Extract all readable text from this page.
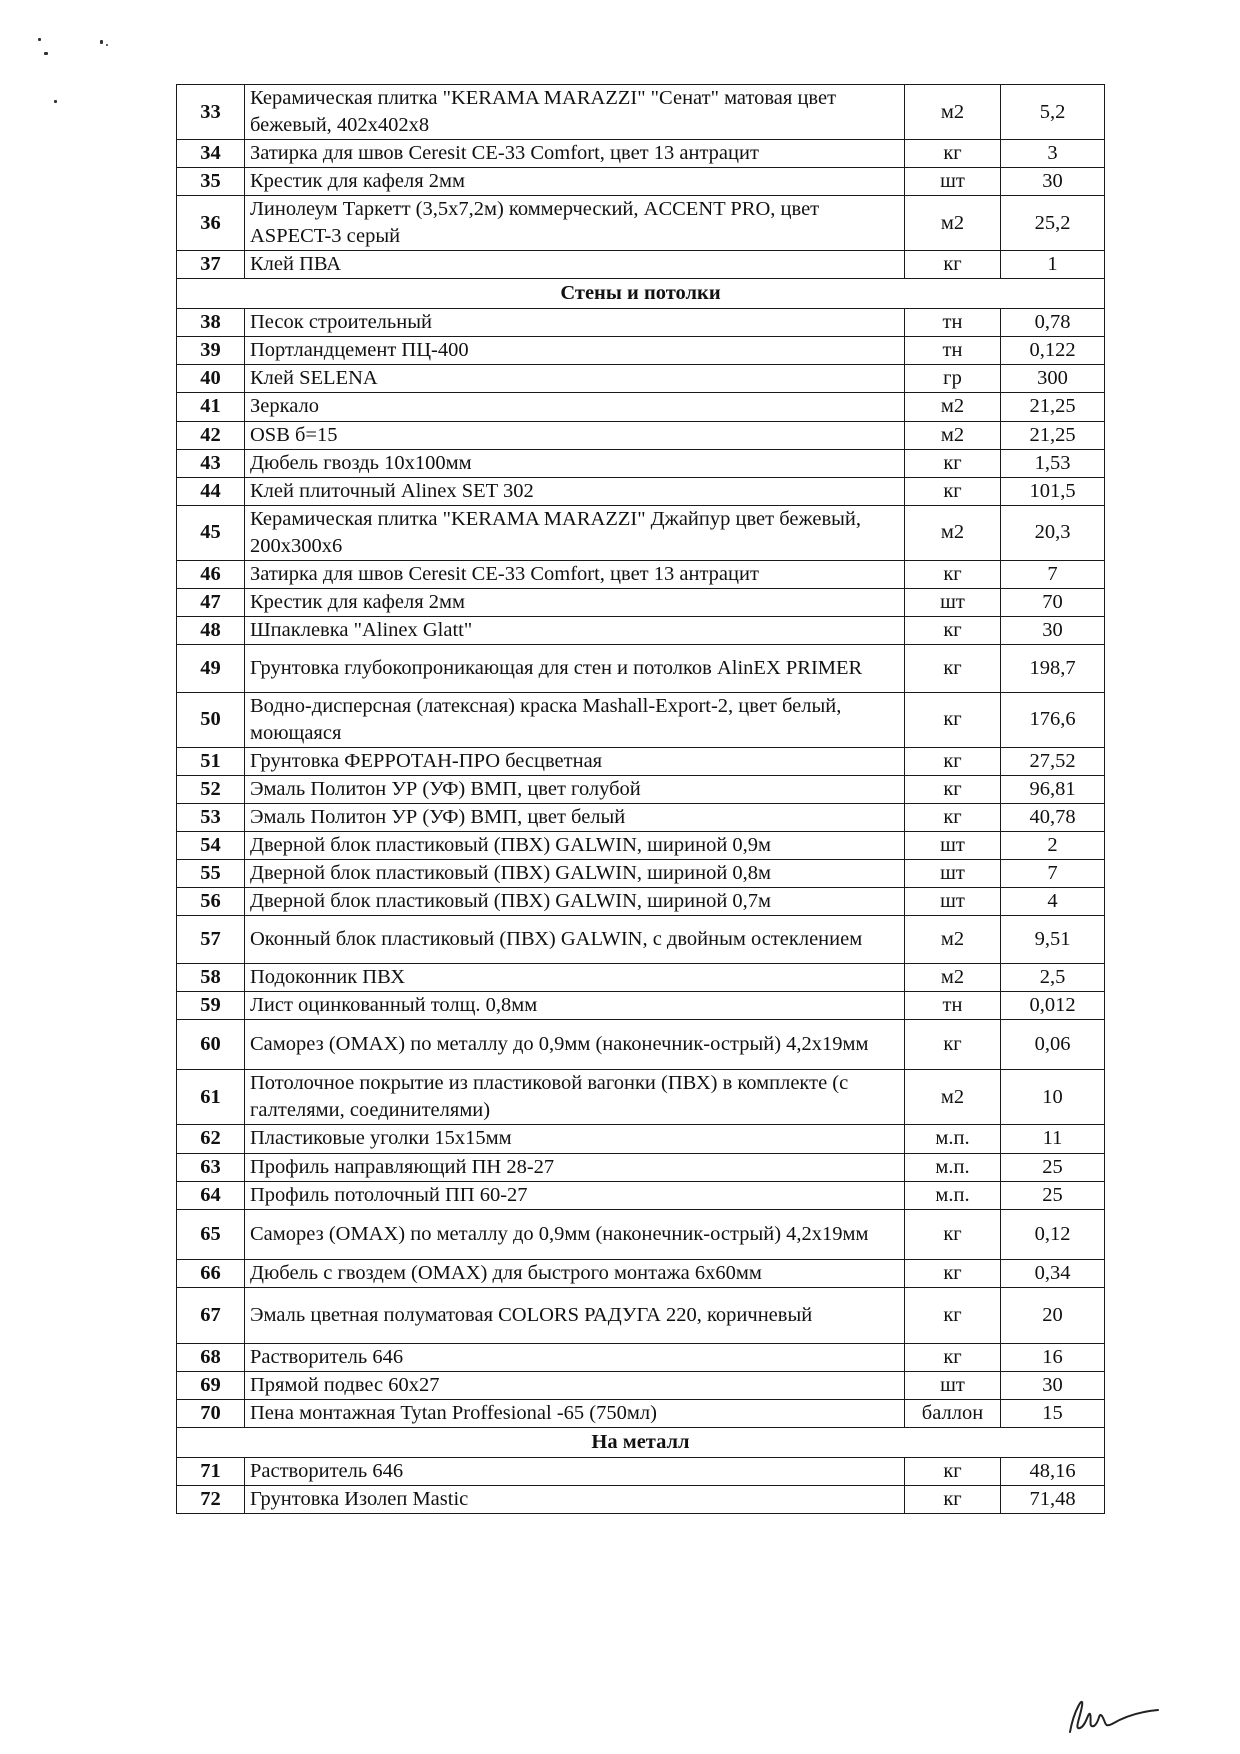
33	Керамическая плитка "KERAMA MARAZZI" "Сенат" матовая цвет бежевый, 402x402x8	м2	5,2
34	Затирка для швов Ceresit CE-33 Comfort, цвет 13 антрацит	кг	3
35	Крестик для кафеля 2мм	шт	30
36	Линолеум Таркетт (3,5x7,2м) коммерческий, ACCENT PRO, цвет ASPECT-3 серый	м2	25,2
37	Клей ПВА	кг	1
Стены и потолки			
38	Песок строительный	тн	0,78
39	Портландцемент ПЦ-400	тн	0,122
40	Клей SELENA	гр	300
41	Зеркало	м2	21,25
42	OSB б=15	м2	21,25
43	Дюбель гвоздь 10x100мм	кг	1,53
44	Клей плиточный Alinex SET 302	кг	101,5
45	Керамическая плитка "KERAMA MARAZZI" Джайпур цвет бежевый, 200x300x6	м2	20,3
46	Затирка для швов Ceresit CE-33 Comfort, цвет 13 антрацит	кг	7
47	Крестик для кафеля 2мм	шт	70
48	Шпаклевка "Alinex Glatt"	кг	30
49	Грунтовка глубокопроникающая для стен и потолков AlinEX PRIMER	кг	198,7
50	Водно-дисперсная (латексная) краска Mashall-Export-2, цвет белый, моющаяся	кг	176,6
51	Грунтовка ФЕРРОТАН-ПРО бесцветная	кг	27,52
52	Эмаль Политон УР (УФ) ВМП, цвет голубой	кг	96,81
53	Эмаль Политон УР (УФ) ВМП, цвет белый	кг	40,78
54	Дверной блок пластиковый (ПВХ) GALWIN, шириной 0,9м	шт	2
55	Дверной блок пластиковый (ПВХ) GALWIN, шириной 0,8м	шт	7
56	Дверной блок пластиковый (ПВХ) GALWIN, шириной 0,7м	шт	4
57	Оконный блок пластиковый (ПВХ) GALWIN, с двойным остеклением	м2	9,51
58	Подоконник ПВХ	м2	2,5
59	Лист оцинкованный толщ. 0,8мм	тн	0,012
60	Саморез (OMAX) по металлу до 0,9мм (наконечник-острый) 4,2x19мм	кг	0,06
61	Потолочное покрытие из пластиковой вагонки (ПВХ) в комплекте (с галтелями, соединителями)	м2	10
62	Пластиковые уголки 15x15мм	м.п.	11
63	Профиль направляющий ПН 28-27	м.п.	25
64	Профиль потолочный ПП 60-27	м.п.	25
65	Саморез (OMAX) по металлу до 0,9мм (наконечник-острый) 4,2x19мм	кг	0,12
66	Дюбель с гвоздем (OMAX) для быстрого монтажа 6x60мм	кг	0,34
67	Эмаль цветная полуматовая COLORS РАДУГА 220, коричневый	кг	20
68	Растворитель 646	кг	16
69	Прямой подвес 60x27	шт	30
70	Пена монтажная Tytan Proffesional -65 (750мл)	баллон	15
На металл			
71	Растворитель 646	кг	48,16
72	Грунтовка Изолеп Mastic	кг	71,48
